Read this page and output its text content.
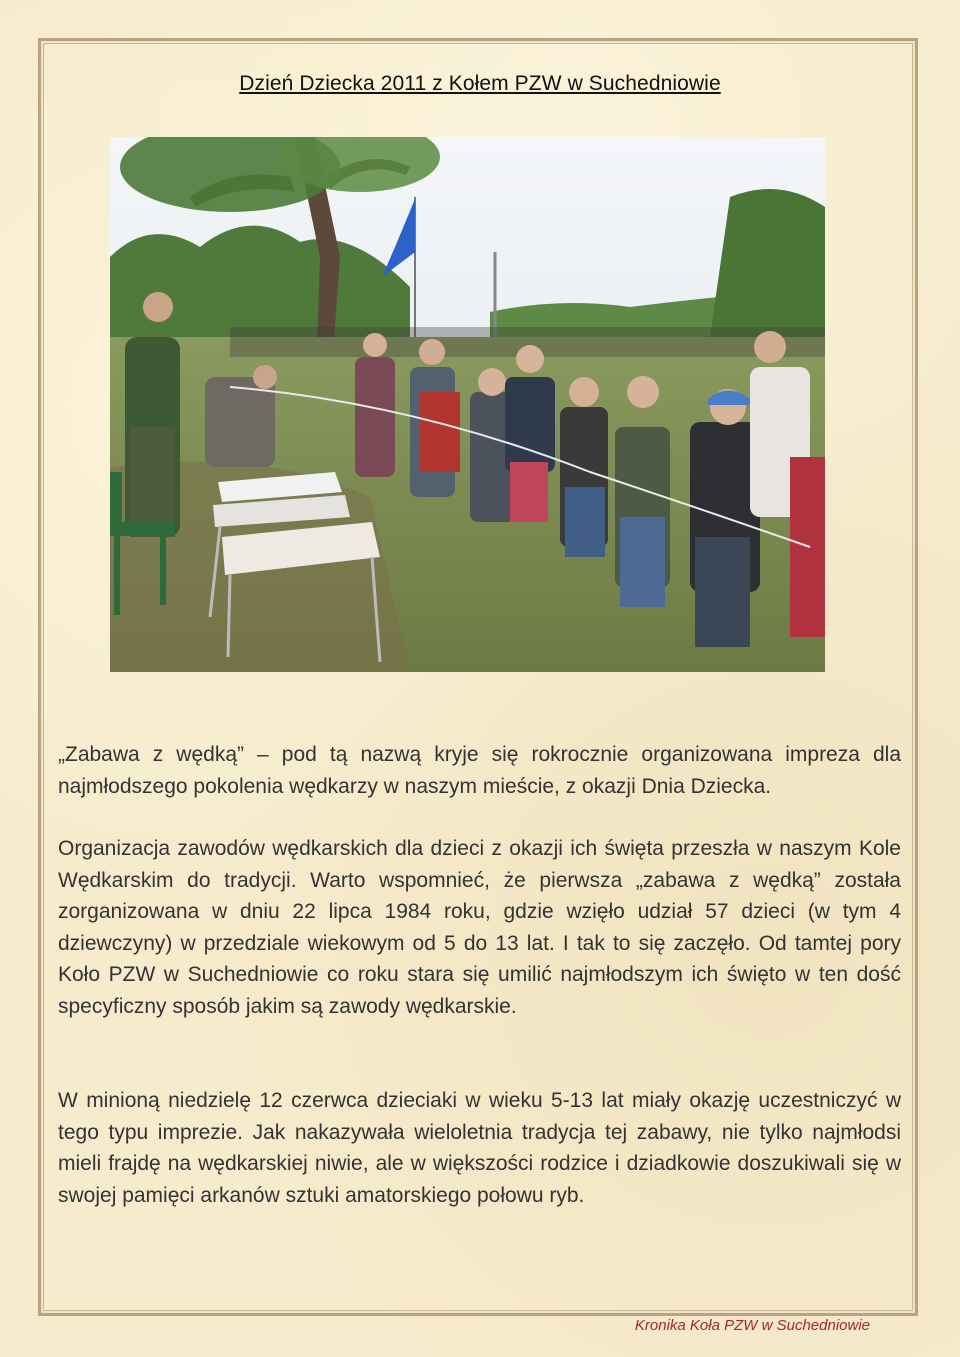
Dzień Dziecka 2011 z Kołem PZW w Suchedniowie
„Zabawa z wędką” – pod tą nazwą kryje się rokrocznie organizowana impreza dla najmłodszego pokolenia wędkarzy w naszym mieście, z okazji Dnia Dziecka.
Organizacja zawodów wędkarskich dla dzieci z okazji ich święta przeszła w naszym Kole Wędkarskim do tradycji. Warto wspomnieć, że pierwsza „zabawa z wędką” została zorganizowana w dniu 22 lipca 1984 roku, gdzie wzięło udział 57 dzieci (w tym 4 dziewczyny) w przedziale wiekowym od 5 do 13 lat. I tak to się zaczęło. Od tamtej pory Koło PZW w Suchedniowie co roku stara się umilić najmłodszym ich święto w ten dość specyficzny sposób jakim są zawody wędkarskie.
W minioną niedzielę 12 czerwca dzieciaki w wieku 5-13 lat miały okazję uczestniczyć w tego typu imprezie. Jak nakazywała wieloletnia tradycja tej zabawy, nie tylko najmłodsi mieli frajdę na wędkarskiej niwie, ale w większości rodzice i dziadkowie doszukiwali się w swojej pamięci arkanów sztuki amatorskiego połowu ryb.
Kronika Koła PZW w Suchedniowie
